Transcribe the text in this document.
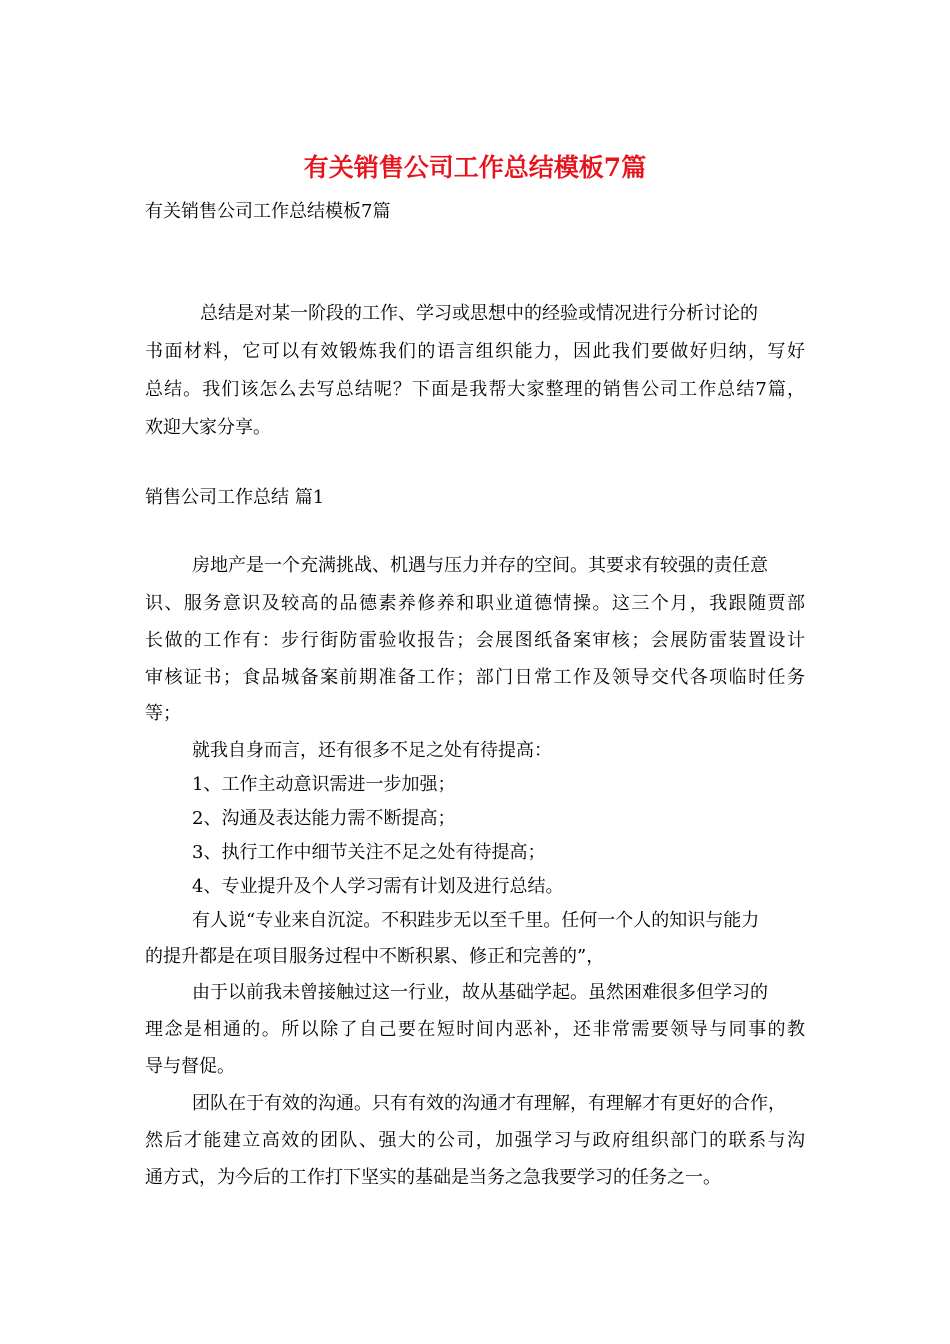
有关销售公司工作总结模板7篇
有关销售公司工作总结模板7篇
总结是对某一阶段的工作、学习或思想中的经验或情况进行分析讨论的
书面材料，它可以有效锻炼我们的语言组织能力，因此我们要做好归纳，写好
总结。我们该怎么去写总结呢？下面是我帮大家整理的销售公司工作总结7篇，
欢迎大家分享。
销售公司工作总结 篇1
房地产是一个充满挑战、机遇与压力并存的空间。其要求有较强的责任意
识、服务意识及较高的品德素养修养和职业道德情操。这三个月，我跟随贾部
长做的工作有：步行街防雷验收报告；会展图纸备案审核；会展防雷装置设计
审核证书；食品城备案前期准备工作；部门日常工作及领导交代各项临时任务
等；
就我自身而言，还有很多不足之处有待提高：
1、工作主动意识需进一步加强；
2、沟通及表达能力需不断提高；
3、执行工作中细节关注不足之处有待提高；
4、专业提升及个人学习需有计划及进行总结。
有人说“专业来自沉淀。不积跬步无以至千里。任何一个人的知识与能力
的提升都是在项目服务过程中不断积累、修正和完善的”，
由于以前我未曾接触过这一行业，故从基础学起。虽然困难很多但学习的
理念是相通的。所以除了自己要在短时间内恶补，还非常需要领导与同事的教
导与督促。
团队在于有效的沟通。只有有效的沟通才有理解，有理解才有更好的合作，
然后才能建立高效的团队、强大的公司，加强学习与政府组织部门的联系与沟
通方式，为今后的工作打下坚实的基础是当务之急我要学习的任务之一。
